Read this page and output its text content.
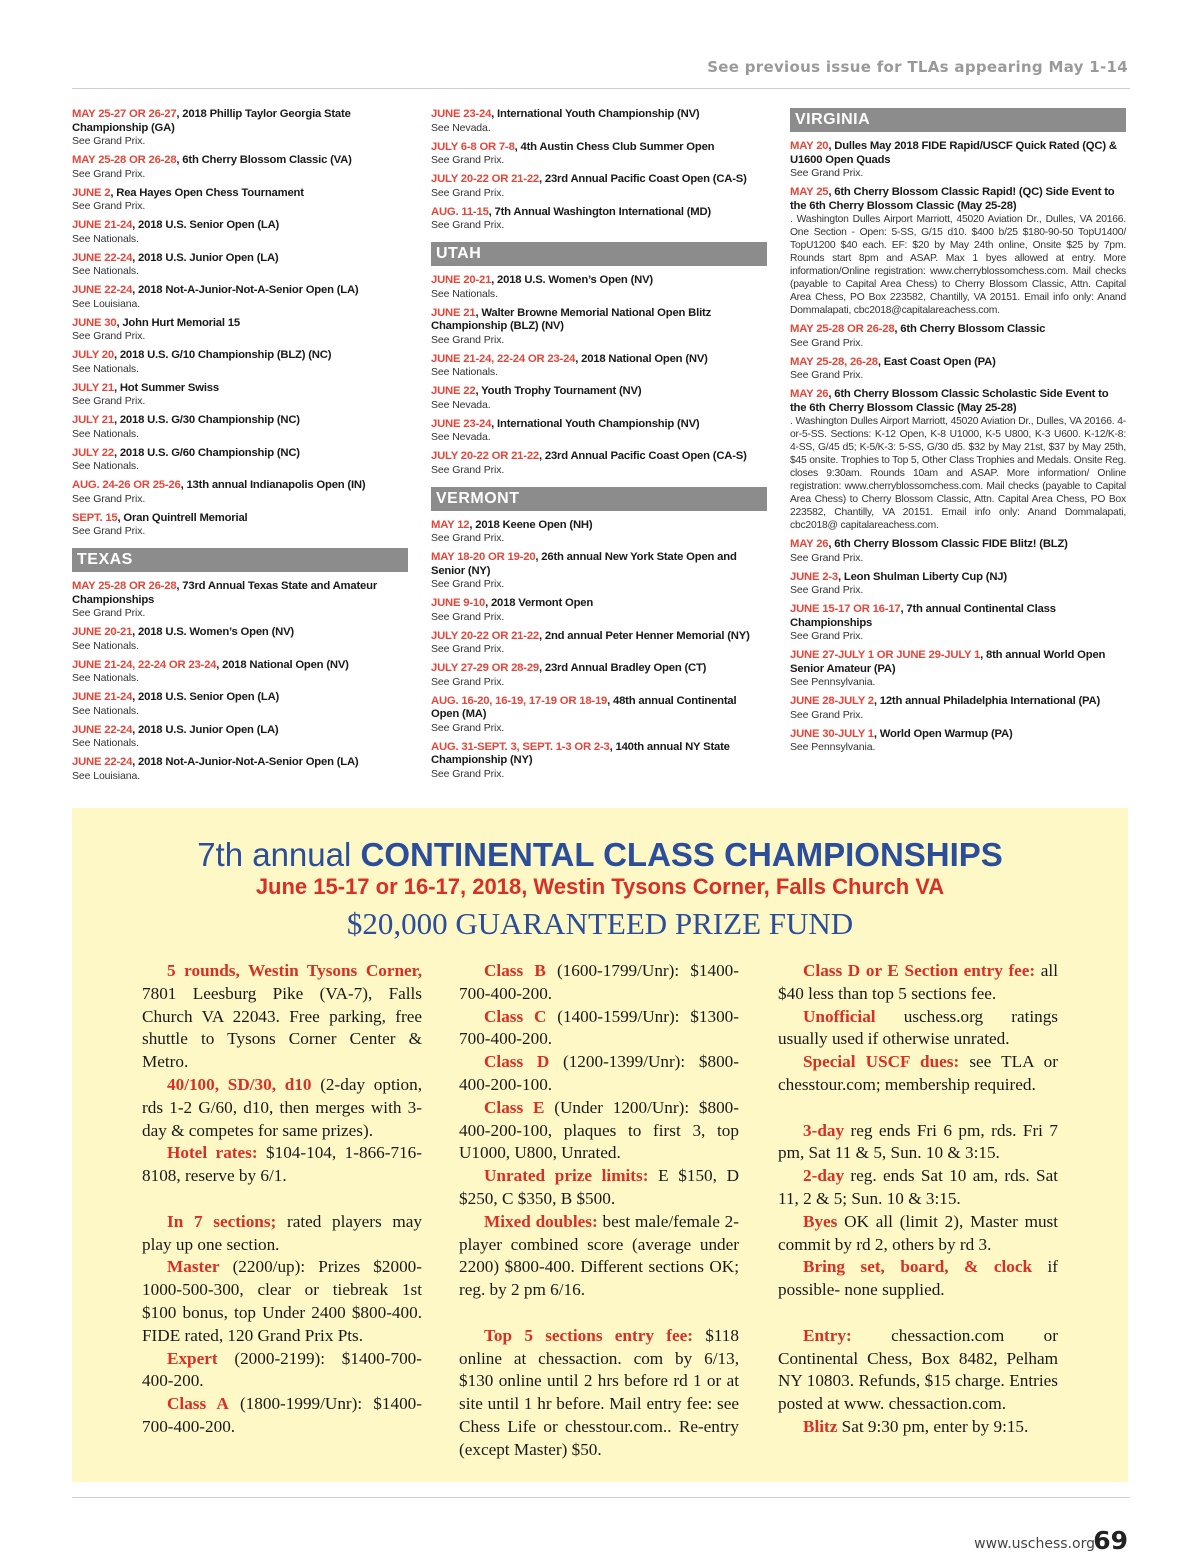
See previous issue for TLAs appearing May 1-14
MAY 25-27 OR 26-27, 2018 Phillip Taylor Georgia State Championship (GA)
See Grand Prix.
MAY 25-28 OR 26-28, 6th Cherry Blossom Classic (VA)
See Grand Prix.
JUNE 2, Rea Hayes Open Chess Tournament
See Grand Prix.
JUNE 21-24, 2018 U.S. Senior Open (LA)
See Nationals.
JUNE 22-24, 2018 U.S. Junior Open (LA)
See Nationals.
JUNE 22-24, 2018 Not-A-Junior-Not-A-Senior Open (LA)
See Louisiana.
JUNE 30, John Hurt Memorial 15
See Grand Prix.
JULY 20, 2018 U.S. G/10 Championship (BLZ) (NC)
See Nationals.
JULY 21, Hot Summer Swiss
See Grand Prix.
JULY 21, 2018 U.S. G/30 Championship (NC)
See Nationals.
JULY 22, 2018 U.S. G/60 Championship (NC)
See Nationals.
AUG. 24-26 OR 25-26, 13th annual Indianapolis Open (IN)
See Grand Prix.
SEPT. 15, Oran Quintrell Memorial
See Grand Prix.
TEXAS
MAY 25-28 OR 26-28, 73rd Annual Texas State and Amateur Championships
See Grand Prix.
JUNE 20-21, 2018 U.S. Women’s Open (NV)
See Nationals.
JUNE 21-24, 22-24 OR 23-24, 2018 National Open (NV)
See Nationals.
JUNE 21-24, 2018 U.S. Senior Open (LA)
See Nationals.
JUNE 22-24, 2018 U.S. Junior Open (LA)
See Nationals.
JUNE 22-24, 2018 Not-A-Junior-Not-A-Senior Open (LA)
See Louisiana.
JUNE 23-24, International Youth Championship (NV)
See Nevada.
JULY 6-8 OR 7-8, 4th Austin Chess Club Summer Open
See Grand Prix.
JULY 20-22 OR 21-22, 23rd Annual Pacific Coast Open (CA-S)
See Grand Prix.
AUG. 11-15, 7th Annual Washington International (MD)
See Grand Prix.
UTAH
JUNE 20-21, 2018 U.S. Women’s Open (NV)
See Nationals.
JUNE 21, Walter Browne Memorial National Open Blitz Championship (BLZ) (NV)
See Grand Prix.
JUNE 21-24, 22-24 OR 23-24, 2018 National Open (NV)
See Nationals.
JUNE 22, Youth Trophy Tournament (NV)
See Nevada.
JUNE 23-24, International Youth Championship (NV)
See Nevada.
JULY 20-22 OR 21-22, 23rd Annual Pacific Coast Open (CA-S)
See Grand Prix.
VERMONT
MAY 12, 2018 Keene Open (NH)
See Grand Prix.
MAY 18-20 OR 19-20, 26th annual New York State Open and Senior (NY)
See Grand Prix.
JUNE 9-10, 2018 Vermont Open
See Grand Prix.
JULY 20-22 OR 21-22, 2nd annual Peter Henner Memorial (NY)
See Grand Prix.
JULY 27-29 OR 28-29, 23rd Annual Bradley Open (CT)
See Grand Prix.
AUG. 16-20, 16-19, 17-19 OR 18-19, 48th annual Continental Open (MA)
See Grand Prix.
AUG. 31-SEPT. 3, SEPT. 1-3 OR 2-3, 140th annual NY State Championship (NY)
See Grand Prix.
VIRGINIA
MAY 20, Dulles May 2018 FIDE Rapid/USCF Quick Rated (QC) & U1600 Open Quads
See Grand Prix.
MAY 25, 6th Cherry Blossom Classic Rapid! (QC) Side Event to the 6th Cherry Blossom Classic (May 25-28)
. Washington Dulles Airport Marriott, 45020 Aviation Dr., Dulles, VA 20166. One Section - Open: 5-SS, G/15 d10. $400 b/25 $180-90-50 TopU1400/ TopU1200 $40 each. EF: $20 by May 24th online, Onsite $25 by 7pm. Rounds start 8pm and ASAP. Max 1 byes allowed at entry. More information/Online registration: www.cherryblossomchess.com. Mail checks (payable to Capital Area Chess) to Cherry Blossom Classic, Attn. Capital Area Chess, PO Box 223582, Chantilly, VA 20151. Email info only: Anand Dommalapati, cbc2018@capitalareachess.com.
MAY 25-28 OR 26-28, 6th Cherry Blossom Classic
See Grand Prix.
MAY 25-28, 26-28, East Coast Open (PA)
See Grand Prix.
MAY 26, 6th Cherry Blossom Classic Scholastic Side Event to the 6th Cherry Blossom Classic (May 25-28)
. Washington Dulles Airport Marriott, 45020 Aviation Dr., Dulles, VA 20166. 4-or-5-SS. Sections: K-12 Open, K-8 U1000, K-5 U800, K-3 U600. K-12/K-8: 4-SS, G/45 d5; K-5/K-3: 5-SS, G/30 d5. $32 by May 21st, $37 by May 25th, $45 onsite. Trophies to Top 5, Other Class Trophies and Medals. Onsite Reg. closes 9:30am. Rounds 10am and ASAP. More information/ Online registration: www.cherryblossomchess.com. Mail checks (payable to Capital Area Chess) to Cherry Blossom Classic, Attn. Capital Area Chess, PO Box 223582, Chantilly, VA 20151. Email info only: Anand Dommalapati, cbc2018@ capitalareachess.com.
MAY 26, 6th Cherry Blossom Classic FIDE Blitz! (BLZ)
See Grand Prix.
JUNE 2-3, Leon Shulman Liberty Cup (NJ)
See Grand Prix.
JUNE 15-17 OR 16-17, 7th annual Continental Class Championships
See Grand Prix.
JUNE 27-JULY 1 OR JUNE 29-JULY 1, 8th annual World Open Senior Amateur (PA)
See Pennsylvania.
JUNE 28-JULY 2, 12th annual Philadelphia International (PA)
See Grand Prix.
JUNE 30-JULY 1, World Open Warmup (PA)
See Pennsylvania.
7th annual CONTINENTAL CLASS CHAMPIONSHIPS
June 15-17 or 16-17, 2018, Westin Tysons Corner, Falls Church VA
$20,000 GUARANTEED PRIZE FUND

5 rounds, Westin Tysons Corner, 7801 Leesburg Pike (VA-7), Falls Church VA 22043. Free parking, free shuttle to Tysons Corner Center & Metro.

40/100, SD/30, d10 (2-day option, rds 1-2 G/60, d10, then merges with 3-day & competes for same prizes).

Hotel rates: $104-104, 1-866-716-8108, reserve by 6/1.

In 7 sections; rated players may play up one section.

Master (2200/up): Prizes $2000-1000-500-300, clear or tiebreak 1st $100 bonus, top Under 2400 $800-400. FIDE rated, 120 Grand Prix Pts.

Expert (2000-2199): $1400-700-400-200.

Class A (1800-1999/Unr): $1400-700-400-200.

Class B (1600-1799/Unr): $1400-700-400-200.

Class C (1400-1599/Unr): $1300-700-400-200.

Class D (1200-1399/Unr): $800-400-200-100.

Class E (Under 1200/Unr): $800-400-200-100, plaques to first 3, top U1000, U800, Unrated.

Unrated prize limits: E $150, D $250, C $350, B $500.

Mixed doubles: best male/female 2-player combined score (average under 2200) $800-400. Different sections OK; reg. by 2 pm 6/16.

Top 5 sections entry fee: $118 online at chessaction. com by 6/13, $130 online until 2 hrs before rd 1 or at site until 1 hr before. Mail entry fee: see Chess Life or chesstour.com.. Re-entry (except Master) $50.

Class D or E Section entry fee: all $40 less than top 5 sections fee.

Unofficial uschess.org ratings usually used if otherwise unrated.

Special USCF dues: see TLA or chesstour.com; membership required.

3-day reg ends Fri 6 pm, rds. Fri 7 pm, Sat 11 & 5, Sun. 10 & 3:15.

2-day reg. ends Sat 10 am, rds. Sat 11, 2 & 5; Sun. 10 & 3:15.

Byes OK all (limit 2), Master must commit by rd 2, others by rd 3.

Bring set, board, & clock if possible- none supplied.

Entry: chessaction.com or Continental Chess, Box 8482, Pelham NY 10803. Refunds, $15 charge. Entries posted at www. chessaction.com.

Blitz Sat 9:30 pm, enter by 9:15.

www.uschess.org
69
